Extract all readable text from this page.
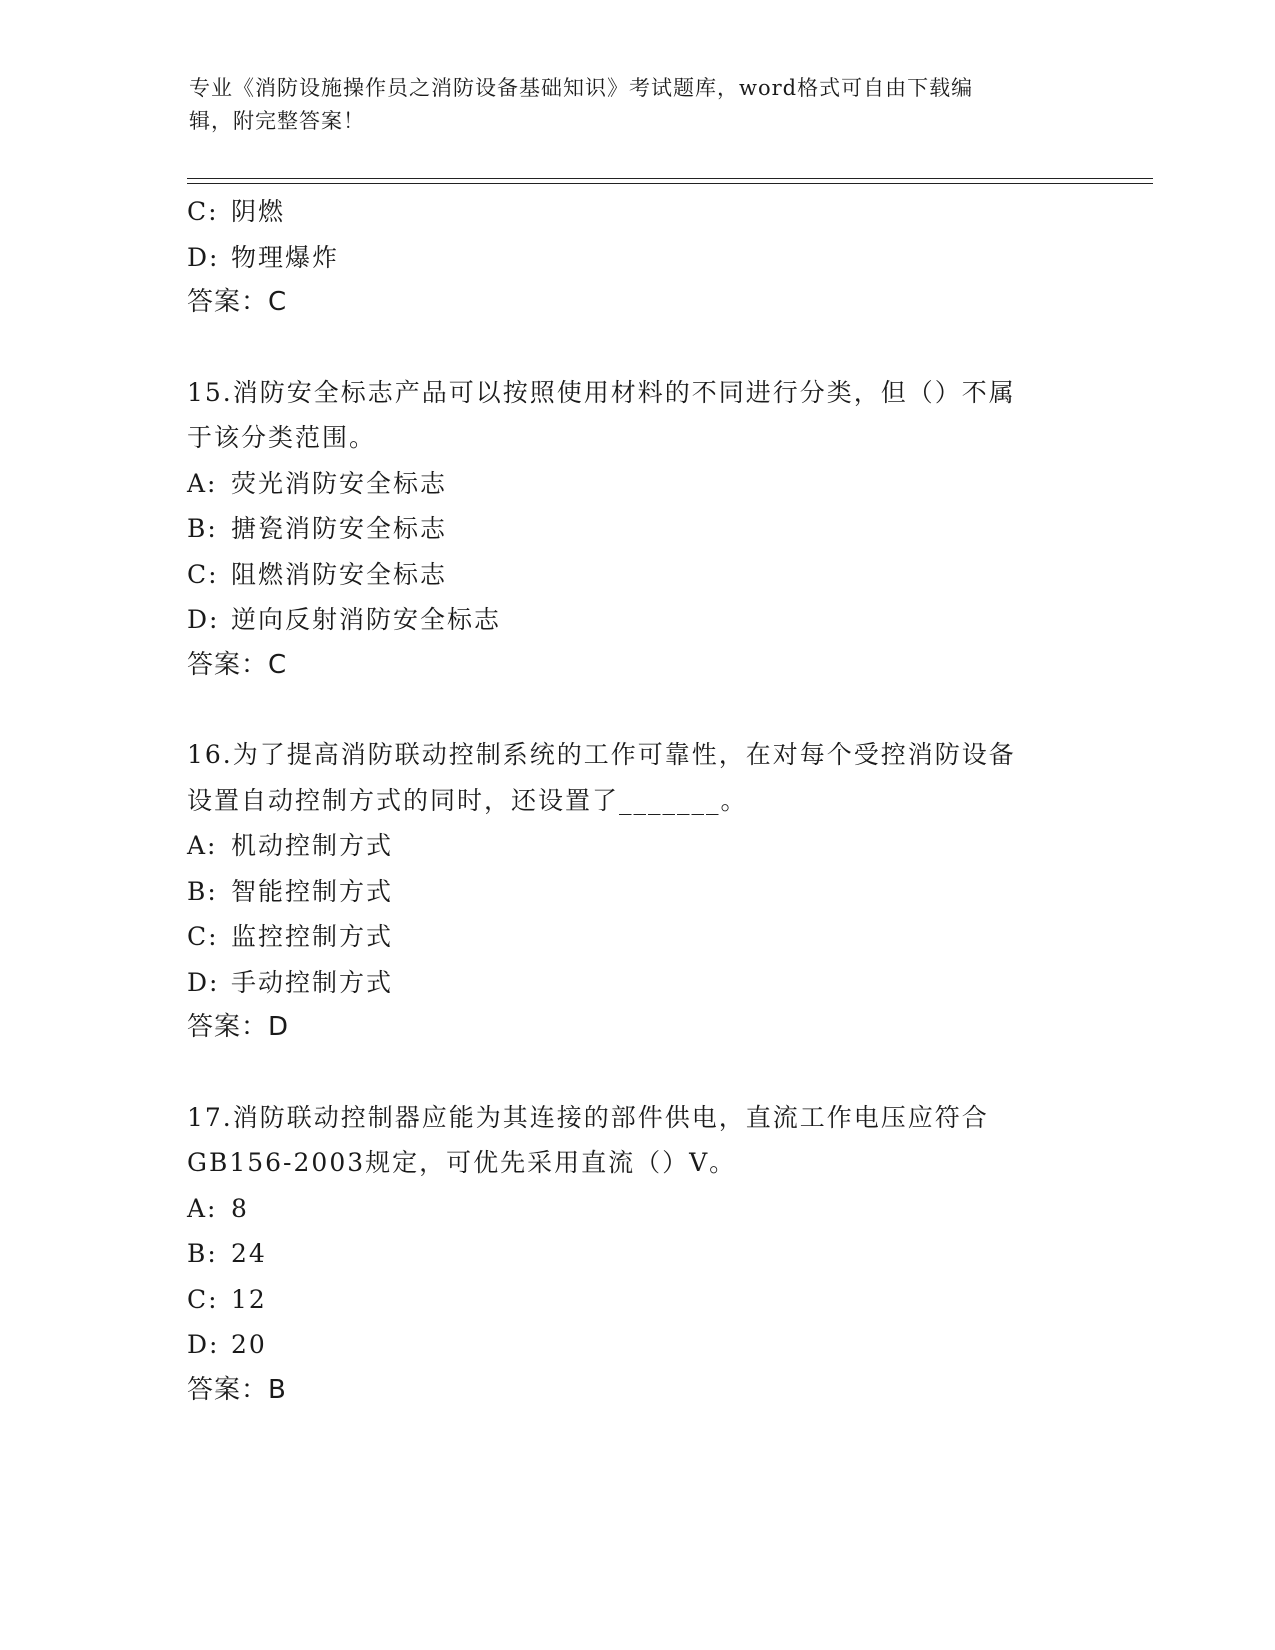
专业《消防设施操作员之消防设备基础知识》考试题库，word格式可自由下载编
辑，附完整答案！
C: 阴燃
D: 物理爆炸
答案：C
15.消防安全标志产品可以按照使用材料的不同进行分类，但（）不属
于该分类范围。
A: 荧光消防安全标志
B: 搪瓷消防安全标志
C: 阻燃消防安全标志
D: 逆向反射消防安全标志
答案：C
16.为了提高消防联动控制系统的工作可靠性，在对每个受控消防设备
设置自动控制方式的同时，还设置了_______。
A: 机动控制方式
B: 智能控制方式
C: 监控控制方式
D: 手动控制方式
答案：D
17.消防联动控制器应能为其连接的部件供电，直流工作电压应符合
GB156-2003规定，可优先采用直流（）V。
A: 8
B: 24
C: 12
D: 20
答案：B
